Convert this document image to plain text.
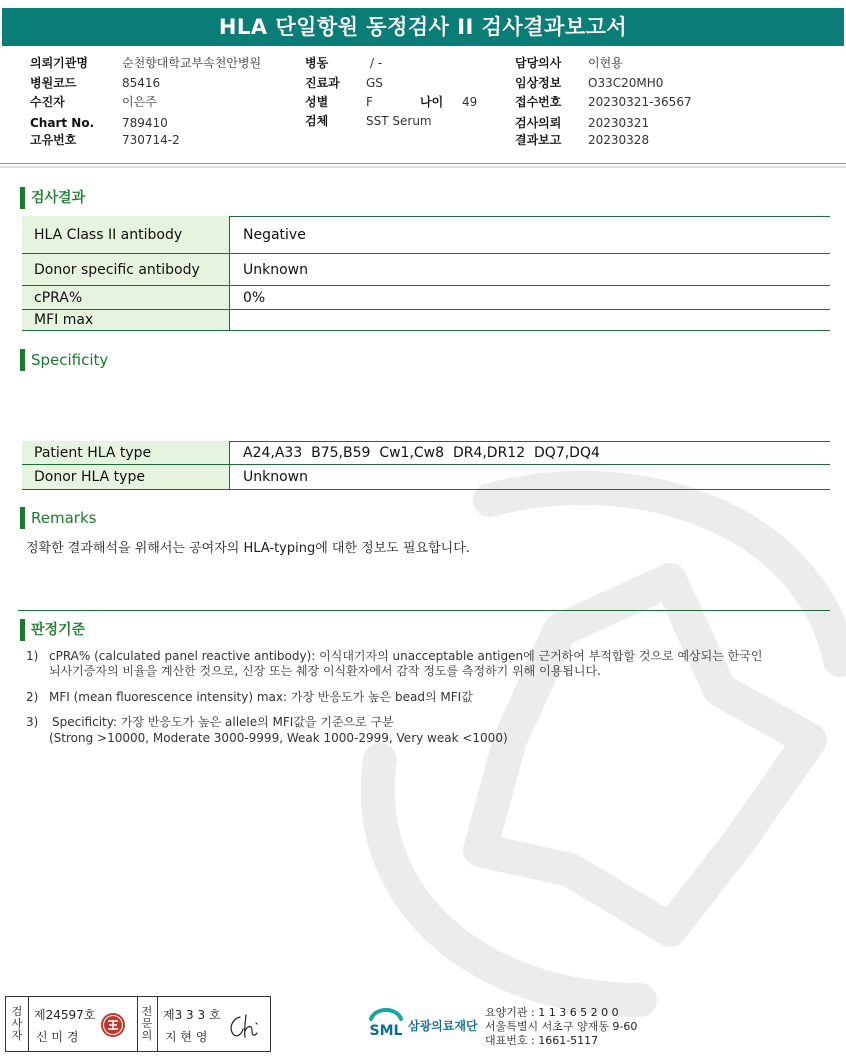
HLA 단일항원 동정검사 II 검사결과보고서
의뢰기관명	순천향대학교부속천안병원
병원코드	85416
수진자	이은주
Chart No. 789410
고유번호	730714-2
병동	/ -
진료과 GS
성별	F	나이 49
검체	SST Serum
담당의사 이현용
임상정보 O33C20MH0
접수번호 20230321-36567
검사의뢰 20230321
결과보고 20230328
검사결과
HLA Class II antibody	Negative
Donor specific antibody	Unknown
cPRA%	0%
MFI max
Specificity
Patient HLA type	A24,A33  B75,B59  Cw1,Cw8  DR4,DR12  DQ7,DQ4
Donor HLA type	Unknown
Remarks
정확한 결과해석을 위해서는 공여자의 HLA-typing에 대한 정보도 필요합니다.
판정기준
1) cPRA% (calculated panel reactive antibody): 이식대기자의 unacceptable antigen에 근거하여 부적합할 것으로 예상되는 한국인
뇌사기증자의 비율을 계산한 것으로, 신장 또는 췌장 이식환자에서 감작 정도를 측정하기 위해 이용됩니다.
2) MFI (mean fluorescence intensity) max: 가장 반응도가 높은 bead의 MFI값
3) Specificity: 가장 반응도가 높은 allele의 MFI값을 기준으로 구분
(Strong >10000, Moderate 3000-9999, Weak 1000-2999, Very weak <1000)
검
사
자
제24597호
신 미 경
전
문
의
제3 3 3 호
지 현 영	SML 삼광의료재단
요양기관 : 1 1 3 6 5 2 0 0
서울특별시 서초구 양재동 9-60
대표번호 : 1661-5117
